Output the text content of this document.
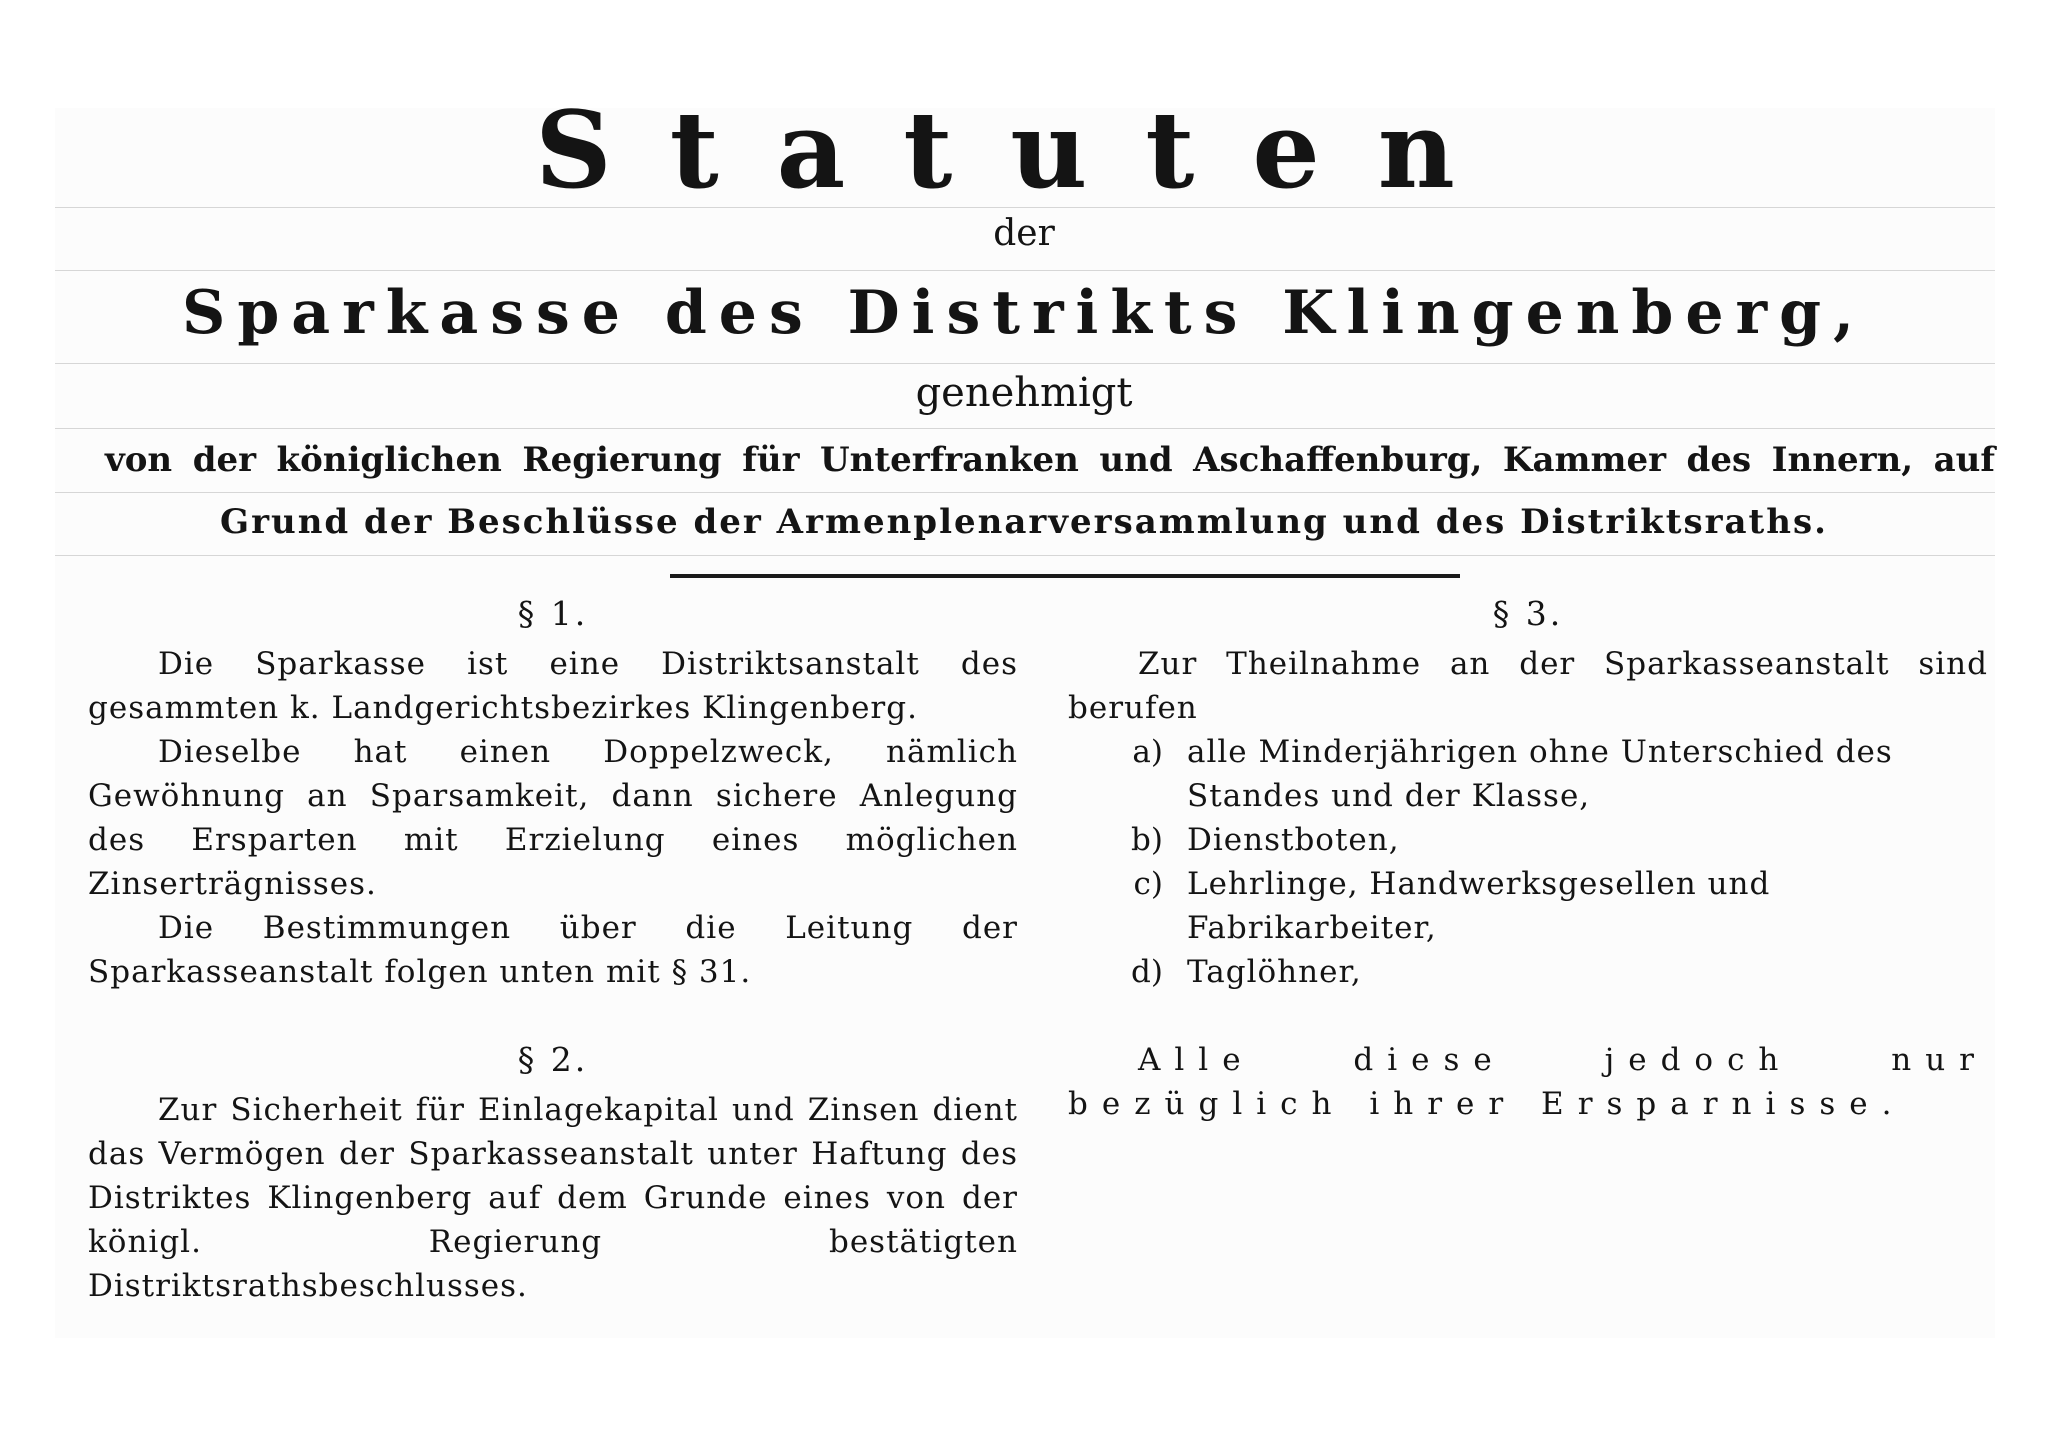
Statuten

der

Sparkasse des Distrikts Klingenberg,

genehmigt

von der königlichen Regierung für Unterfranken und Aschaffenburg, Kammer des Innern, auf

Grund der Beschlüsse der Armenplenarversammlung und des Distriktsraths.

§ 1.

Die Sparkasse ist eine Distriktsanstalt des gesammten k. Landgerichtsbezirkes Klingenberg.

Dieselbe hat einen Doppelzweck, nämlich Gewöhnung an Sparsamkeit, dann sichere Anlegung des Ersparten mit Erzielung eines möglichen Zinserträgnisses.

Die Bestimmungen über die Leitung der Sparkasseanstalt folgen unten mit § 31.

§ 2.

Zur Sicherheit für Einlagekapital und Zinsen dient das Vermögen der Sparkasseanstalt unter Haftung des Distriktes Klingenberg auf dem Grunde eines von der königl. Regierung bestätigten Distriktsrathsbeschlusses.

§ 3.

Zur Theilnahme an der Sparkasseanstalt sind berufen

a) alle Minderjährigen ohne Unterschied des Standes und der Klasse,
b) Dienstboten,
c) Lehrlinge, Handwerksgesellen und Fabrikarbeiter,
d) Taglöhner,

Alle diese jedoch nur bezüglich ihrer Ersparnisse.
